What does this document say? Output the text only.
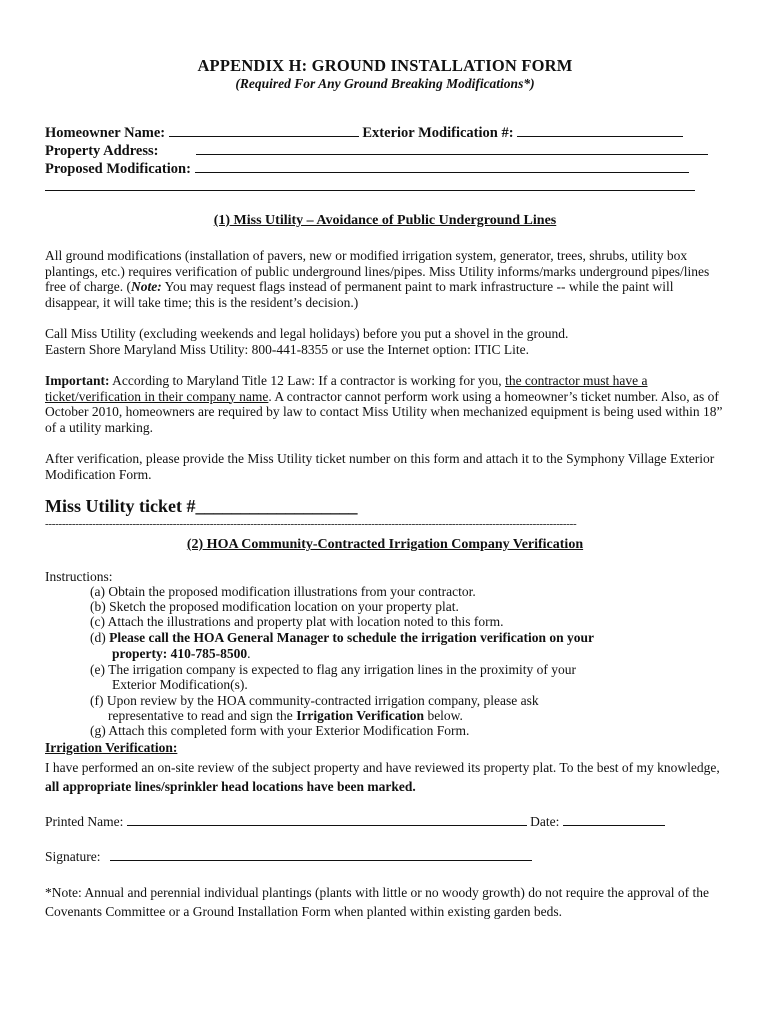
APPENDIX H: GROUND INSTALLATION FORM
(Required For Any Ground Breaking Modifications*)
Homeowner Name:	Exterior Modification #:
Property Address:
Proposed Modification:
(1) Miss Utility – Avoidance of Public Underground Lines
All ground modifications (installation of pavers, new or modified irrigation system, generator, trees, shrubs, utility box plantings, etc.) requires verification of public underground lines/pipes. Miss Utility informs/marks underground pipes/lines free of charge. (Note: You may request flags instead of permanent paint to mark infrastructure -- while the paint will disappear, it will take time; this is the resident’s decision.)
Call Miss Utility (excluding weekends and legal holidays) before you put a shovel in the ground.
Eastern Shore Maryland Miss Utility: 800-441-8355 or use the Internet option: ITIC Lite.
Important: According to Maryland Title 12 Law: If a contractor is working for you, the contractor must have a ticket/verification in their company name. A contractor cannot perform work using a homeowner’s ticket number. Also, as of October 2010, homeowners are required by law to contact Miss Utility when mechanized equipment is being used within 18” of a utility marking.
After verification, please provide the Miss Utility ticket number on this form and attach it to the Symphony Village Exterior Modification Form.
Miss Utility ticket #__________________
--------------------------------------------------------------------------------------------------------------------------------------------------------------
(2) HOA Community-Contracted Irrigation Company Verification
Instructions:
(a) Obtain the proposed modification illustrations from your contractor.
(b) Sketch the proposed modification location on your property plat.
(c) Attach the illustrations and property plat with location noted to this form.
(d) Please call the HOA General Manager to schedule the irrigation verification on your
property: 410-785-8500.
(e) The irrigation company is expected to flag any irrigation lines in the proximity of your
Exterior Modification(s).
(f) Upon review by the HOA community-contracted irrigation company, please ask
representative to read and sign the Irrigation Verification below.
(g) Attach this completed form with your Exterior Modification Form.
Irrigation Verification:
I have performed an on-site review of the subject property and have reviewed its property plat. To the best of my knowledge, all appropriate lines/sprinkler head locations have been marked.
Printed Name:	Date:
Signature:
*Note: Annual and perennial individual plantings (plants with little or no woody growth) do not require the approval of the Covenants Committee or a Ground Installation Form when planted within existing garden beds.
